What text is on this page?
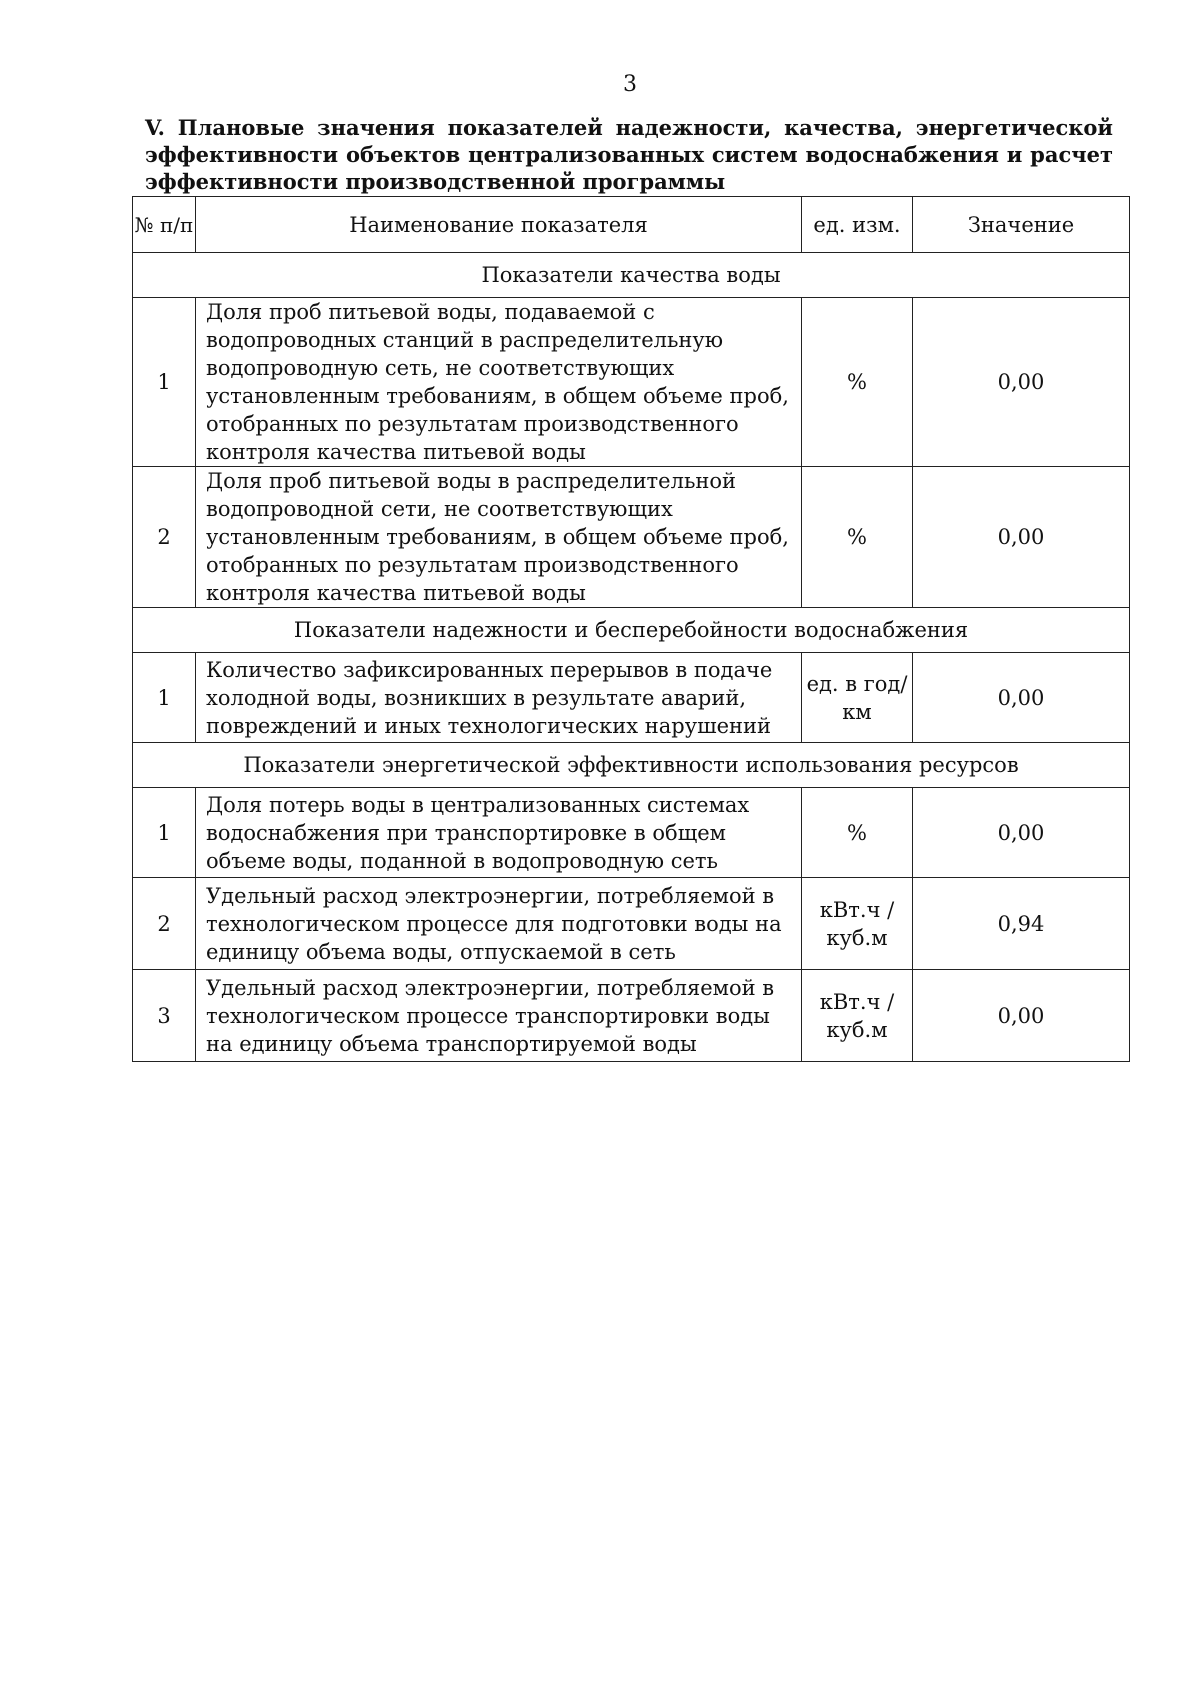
3
V. Плановые значения показателей надежности, качества, энергетической эффективности объектов централизованных систем водоснабжения и расчет эффективности производственной программы
№ п/п	Наименование показателя	ед. изм.	Значение
Показатели качества воды			
1	Доля проб питьевой воды, подаваемой с водопроводных станций в распределительную водопроводную сеть, не соответствующих установленным требованиям, в общем объеме проб, отобранных по результатам производственного контроля качества питьевой воды	%	0,00
2	Доля проб питьевой воды в распределительной водопроводной сети, не соответствующих установленным требованиям, в общем объеме проб, отобранных по результатам производственного контроля качества питьевой воды	%	0,00
Показатели надежности и бесперебойности водоснабжения			
1	Количество зафиксированных перерывов в подаче холодной воды, возникших в результате аварий, повреждений и иных технологических нарушений	ед. в год/ км	0,00
Показатели энергетической эффективности использования ресурсов			
1	Доля потерь воды в централизованных системах водоснабжения при транспортировке в общем объеме воды, поданной в водопроводную сеть	%	0,00
2	Удельный расход электроэнергии, потребляемой в технологическом процессе для подготовки воды на единицу объема воды, отпускаемой в сеть	кВт.ч / куб.м	0,94
3	Удельный расход электроэнергии, потребляемой в технологическом процессе транспортировки воды на единицу объема транспортируемой воды	кВт.ч / куб.м	0,00
